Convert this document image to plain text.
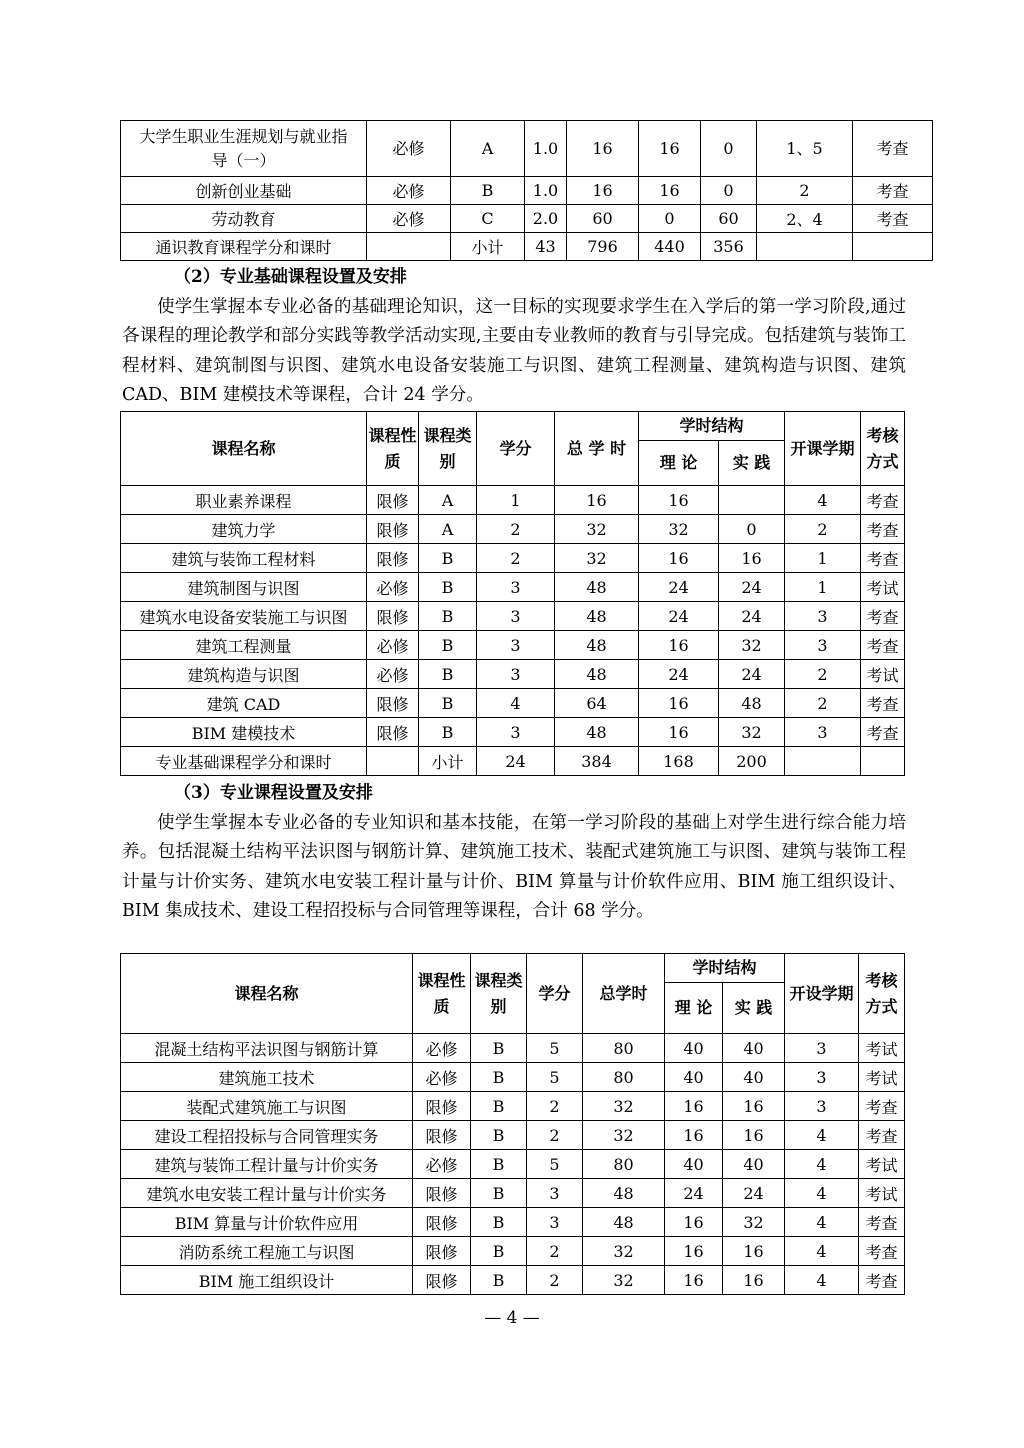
大学生职业生涯规划与就业指导（一）	必修	A	1.0	16	16	0	1、5	考查
创新创业基础	必修	B	1.0	16	16	0	2	考查
劳动教育	必修	C	2.0	60	0	60	2、4	考查
通识教育课程学分和课时		小计	43	796	440	356		
（2）专业基础课程设置及安排

使学生掌握本专业必备的基础理论知识，这一目标的实现要求学生在入学后的第一学习阶段,通过各课程的理论教学和部分实践等教学活动实现,主要由专业教师的教育与引导完成。包括建筑与装饰工程材料、建筑制图与识图、建筑水电设备安装施工与识图、建筑工程测量、建筑构造与识图、建筑 CAD、BIM 建模技术等课程，合计 24 学分。

课程名称	课程性质	课程类别	学分	总 学 时	学时结构		开课学期	考核方式
					理 论	实 践		
职业素养课程	限修	A	1	16	16		4	考查
建筑力学	限修	A	2	32	32	0	2	考查
建筑与装饰工程材料	限修	B	2	32	16	16	1	考查
建筑制图与识图	必修	B	3	48	24	24	1	考试
建筑水电设备安装施工与识图	限修	B	3	48	24	24	3	考查
建筑工程测量	必修	B	3	48	16	32	3	考查
建筑构造与识图	必修	B	3	48	24	24	2	考试
建筑 CAD	限修	B	4	64	16	48	2	考查
BIM 建模技术	限修	B	3	48	16	32	3	考查
专业基础课程学分和课时		小计	24	384	168	200		
（3）专业课程设置及安排

使学生掌握本专业必备的专业知识和基本技能，在第一学习阶段的基础上对学生进行综合能力培养。包括混凝土结构平法识图与钢筋计算、建筑施工技术、装配式建筑施工与识图、建筑与装饰工程计量与计价实务、建筑水电安装工程计量与计价、BIM 算量与计价软件应用、BIM 施工组织设计、BIM 集成技术、建设工程招投标与合同管理等课程，合计 68 学分。

课程名称	课程性质	课程类别	学分	总学时	学时结构		开设学期	考核方式
					理 论	实 践		
混凝土结构平法识图与钢筋计算	必修	B	5	80	40	40	3	考试
建筑施工技术	必修	B	5	80	40	40	3	考试
装配式建筑施工与识图	限修	B	2	32	16	16	3	考查
建设工程招投标与合同管理实务	限修	B	2	32	16	16	4	考查
建筑与装饰工程计量与计价实务	必修	B	5	80	40	40	4	考试
建筑水电安装工程计量与计价实务	限修	B	3	48	24	24	4	考试
BIM 算量与计价软件应用	限修	B	3	48	16	32	4	考查
消防系统工程施工与识图	限修	B	2	32	16	16	4	考查
BIM 施工组织设计	限修	B	2	32	16	16	4	考查
— 4 —
